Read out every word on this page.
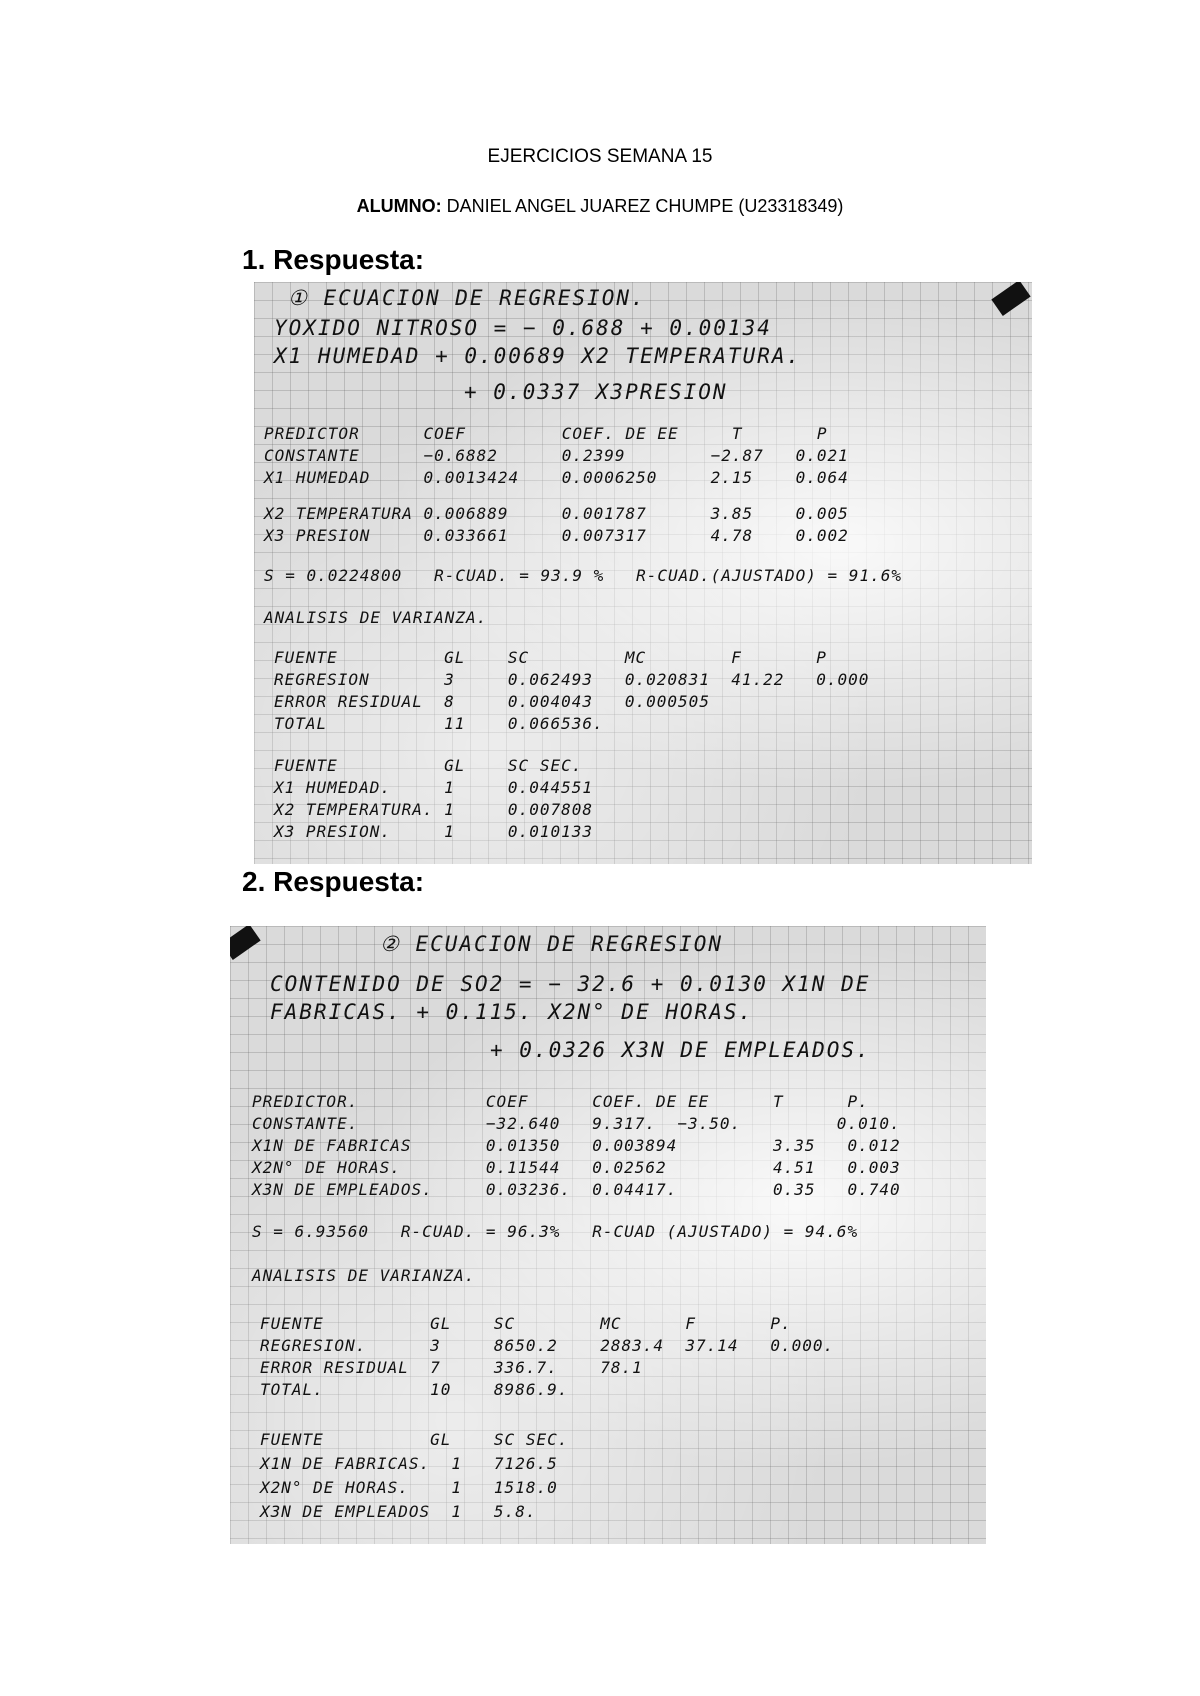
EJERCICIOS SEMANA 15

ALUMNO: DANIEL ANGEL JUAREZ CHUMPE (U23318349)

1. Respuesta:

① ECUACION DE REGRESION.

YOXIDO NITROSO = − 0.688 + 0.00134

X1 HUMEDAD + 0.00689 X2 TEMPERATURA.

+ 0.0337 X3PRESION

PREDICTOR      COEF         COEF. DE EE     T       P

CONSTANTE      −0.6882      0.2399        −2.87   0.021

X1 HUMEDAD     0.0013424    0.0006250     2.15    0.064

X2 TEMPERATURA 0.006889     0.001787      3.85    0.005

X3 PRESION     0.033661     0.007317      4.78    0.002

S = 0.0224800   R-CUAD. = 93.9 %   R-CUAD.(AJUSTADO) = 91.6%

ANALISIS DE VARIANZA.

FUENTE          GL    SC         MC        F       P

REGRESION       3     0.062493   0.020831  41.22   0.000

ERROR RESIDUAL  8     0.004043   0.000505

TOTAL           11    0.066536.

FUENTE          GL    SC SEC.

X1 HUMEDAD.     1     0.044551

X2 TEMPERATURA. 1     0.007808

X3 PRESION.     1     0.010133

2. Respuesta:

② ECUACION DE REGRESION

CONTENIDO DE SO2 = − 32.6 + 0.0130 X1N DE

FABRICAS. + 0.115. X2N° DE HORAS.

+ 0.0326 X3N DE EMPLEADOS.

PREDICTOR.            COEF      COEF. DE EE      T      P.

CONSTANTE.            −32.640   9.317.  −3.50.         0.010.

X1N DE FABRICAS       0.01350   0.003894         3.35   0.012

X2N° DE HORAS.        0.11544   0.02562          4.51   0.003

X3N DE EMPLEADOS.     0.03236.  0.04417.         0.35   0.740

S = 6.93560   R-CUAD. = 96.3%   R-CUAD (AJUSTADO) = 94.6%

ANALISIS DE VARIANZA.

FUENTE          GL    SC        MC      F       P.

REGRESION.      3     8650.2    2883.4  37.14   0.000.

ERROR RESIDUAL  7     336.7.    78.1

TOTAL.          10    8986.9.

FUENTE          GL    SC SEC.

X1N DE FABRICAS.  1   7126.5

X2N° DE HORAS.    1   1518.0

X3N DE EMPLEADOS  1   5.8.
